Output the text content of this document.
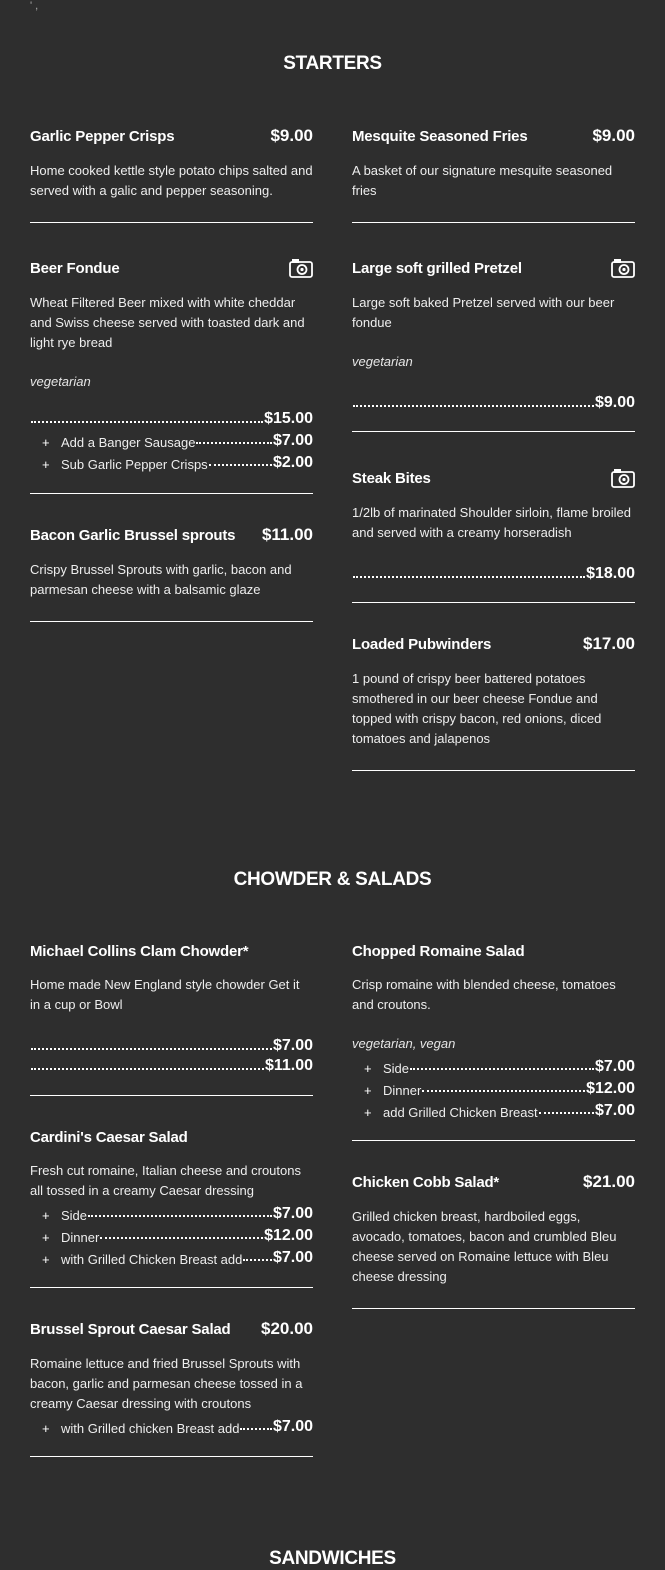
' ,
STARTERS
Garlic Pepper Crisps	$9.00
Home cooked kettle style potato chips salted and served with a galic and pepper seasoning.
Beer Fondue
Wheat Filtered Beer mixed with white cheddar and Swiss cheese served with toasted dark and light rye bread
vegetarian
$15.00
+ Add a Banger Sausage	$7.00
+ Sub Garlic Pepper Crisps	$2.00
Bacon Garlic Brussel sprouts $11.00
Crispy Brussel Sprouts with garlic, bacon and parmesan cheese with a balsamic glaze
Mesquite Seasoned Fries	$9.00
A basket of our signature mesquite seasoned fries
Large soft grilled Pretzel
Large soft baked Pretzel served with our beer fondue
vegetarian
$9.00
Steak Bites
1/2lb of marinated Shoulder sirloin, flame broiled and served with a creamy horseradish
$18.00
Loaded Pubwinders	$17.00
1 pound of crispy beer battered potatoes smothered in our beer cheese Fondue and topped with crispy bacon, red onions, diced tomatoes and jalapenos
CHOWDER & SALADS
Michael Collins Clam Chowder*
Home made New England style chowder Get it in a cup or Bowl
$7.00
$11.00
Cardini's Caesar Salad
Fresh cut romaine, Italian cheese and croutons all tossed in a creamy Caesar dressing
+ Side	$7.00
+ Dinner	$12.00
+ with Grilled Chicken Breast add $7.00
Brussel Sprout Caesar Salad $20.00
Romaine lettuce and fried Brussel Sprouts with bacon, garlic and parmesan cheese tossed in a creamy Caesar dressing with croutons
+ with Grilled chicken Breast add $7.00
Chopped Romaine Salad
Crisp romaine with blended cheese, tomatoes and croutons.
vegetarian, vegan
+ Side	$7.00
+ Dinner	$12.00
+ add Grilled Chicken Breast	$7.00
Chicken Cobb Salad*	$21.00
Grilled chicken breast, hardboiled eggs, avocado, tomatoes, bacon and crumbled Bleu cheese served on Romaine lettuce with Bleu cheese dressing
SANDWICHES
